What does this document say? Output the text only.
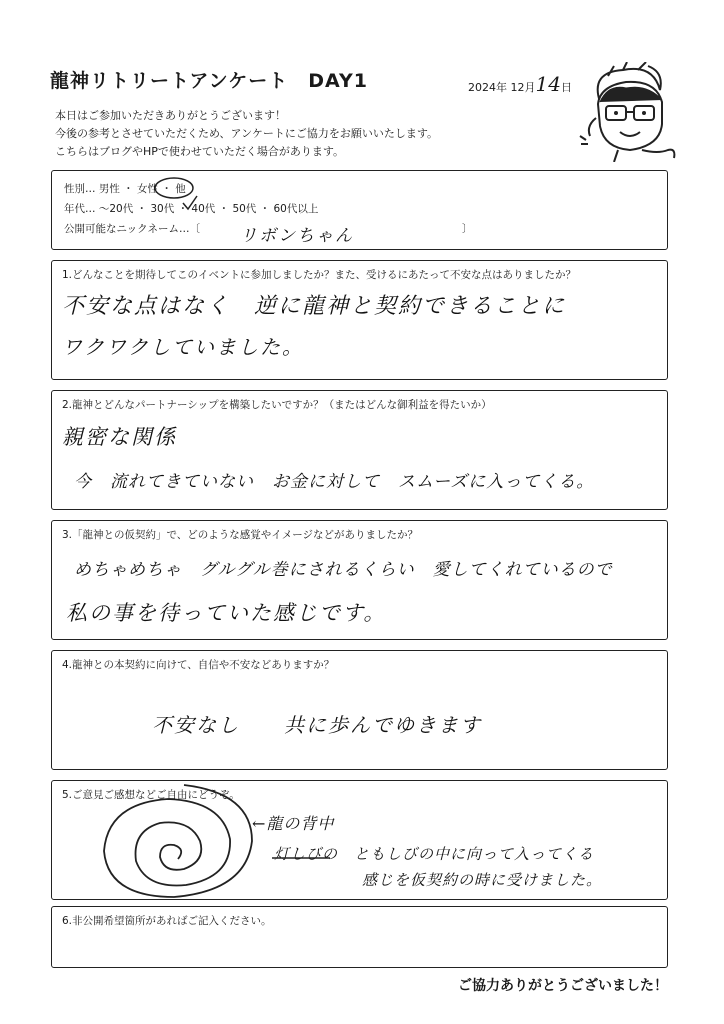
龍神リトリートアンケート　DAY1	2024年 12月14日
本日はご参加いただきありがとうございます！
今後の参考とさせていただくため、アンケートにご協力をお願いいたします。
こちらはブログやHPで使わせていただく場合があります。
性別… 男性 ・ 女性 ・ 他
年代… ～20代 ・ 30代 ・ 40代 ・ 50代 ・ 60代以上
公開可能なニックネーム…〔	〕
リボンちゃん
1.どんなことを期待してこのイベントに参加しましたか？また、受けるにあたって不安な点はありましたか？
不安な点はなく　逆に龍神と契約できることに
ワクワクしていました。
2.龍神とどんなパートナーシップを構築したいですか？（またはどんな御利益を得たいか）
親密な関係
今　流れてきていない　お金に対して　スムーズに入ってくる。
3.「龍神との仮契約」で、どのような感覚やイメージなどがありましたか？
めちゃめちゃ　グルグル巻にされるくらい　愛してくれているので
私の事を待っていた感じです。
4.龍神との本契約に向けて、自信や不安などありますか？
不安なし　　共に歩んでゆきます
5.ご意見ご感想などご自由にどうぞ。
←龍の背中
灯しびの　ともしびの中に向って入ってくる
感じを仮契約の時に受けました。
6.非公開希望箇所があればご記入ください。
ご協力ありがとうございました！
